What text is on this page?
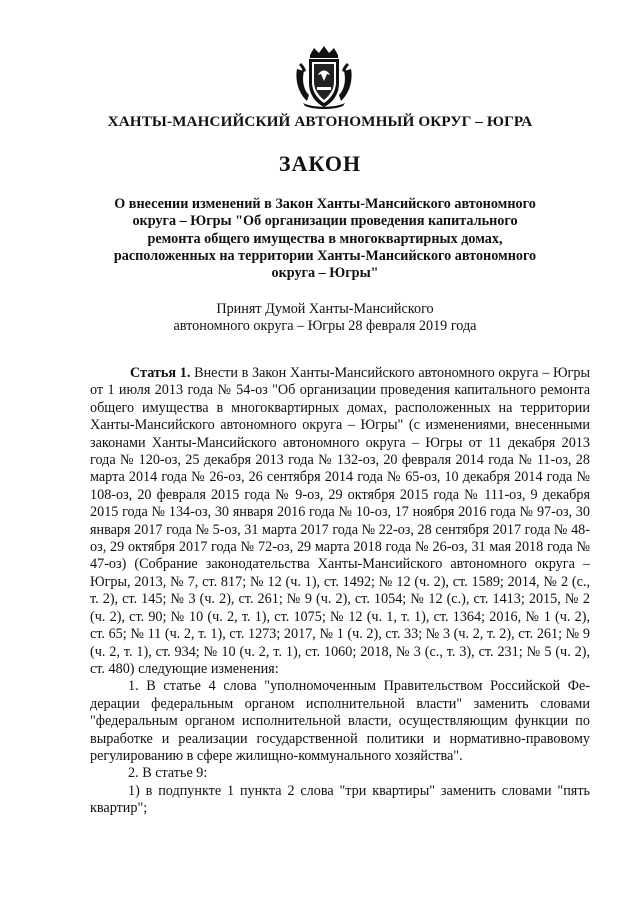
ХАНТЫ-МАНСИЙСКИЙ АВТОНОМНЫЙ ОКРУГ – ЮГРА
ЗАКОН
О внесении изменений в Закон Ханты-Мансийского автономного округа – Югры "Об организации проведения капитального ремонта общего имущества в многоквартирных домах, расположенных на территории Ханты-Мансийского автономного округа – Югры"
Принят Думой Ханты-Мансийского
автономного округа – Югры 28 февраля 2019 года

Статья 1. Внести в Закон Ханты-Мансийского автономного округа – Югры от 1 июля 2013 года № 54-оз "Об организации проведения капитального ремонта общего имущества в многоквартирных домах, расположенных на территории Ханты-Мансийского автономного округа – Югры" (с изменениями, внесенными законами Ханты-Мансийского автономного округа – Югры от 11 декабря 2013 года № 120-оз, 25 декабря 2013 года № 132-оз, 20 февраля 2014 года № 11-оз, 28 марта 2014 года № 26-оз, 26 сентября 2014 года № 65-оз, 10 декабря 2014 года № 108-оз, 20 февраля 2015 года № 9-оз, 29 октября 2015 года № 111-оз, 9 декабря 2015 года № 134-оз, 30 января 2016 года № 10-оз, 17 ноября 2016 года № 97-оз, 30 января 2017 года № 5-оз, 31 марта 2017 года № 22-оз, 28 сентября 2017 года № 48-оз, 29 октября 2017 года № 72-оз, 29 марта 2018 года № 26-оз, 31 мая 2018 года № 47-оз) (Собрание законодательства Ханты-Мансийского автономного округа – Югры, 2013, № 7, ст. 817; № 12 (ч. 1), ст. 1492; № 12 (ч. 2), ст. 1589; 2014, № 2 (с., т. 2), ст. 145; № 3 (ч. 2), ст. 261; № 9 (ч. 2), ст. 1054; № 12 (с.), ст. 1413; 2015, № 2 (ч. 2), ст. 90; № 10 (ч. 2, т. 1), ст. 1075; № 12 (ч. 1, т. 1), ст. 1364; 2016, № 1 (ч. 2), ст. 65; № 11 (ч. 2, т. 1), ст. 1273; 2017, № 1 (ч. 2), ст. 33; № 3 (ч. 2, т. 2), ст. 261; № 9 (ч. 2, т. 1), ст. 934; № 10 (ч. 2, т. 1), ст. 1060; 2018, № 3 (с., т. 3), ст. 231; № 5 (ч. 2), ст. 480) следующие изменения:

1. В статье 4 слова "уполномоченным Правительством Российской Федерации федеральным органом исполнительной власти" заменить словами "федеральным органом исполнительной власти, осуществляющим функции по выработке и реализации государственной политики и нормативно-правовому регулированию в сфере жилищно-коммунального хозяйства".

2. В статье 9:

1) в подпункте 1 пункта 2 слова "три квартиры" заменить словами "пять квартир";
